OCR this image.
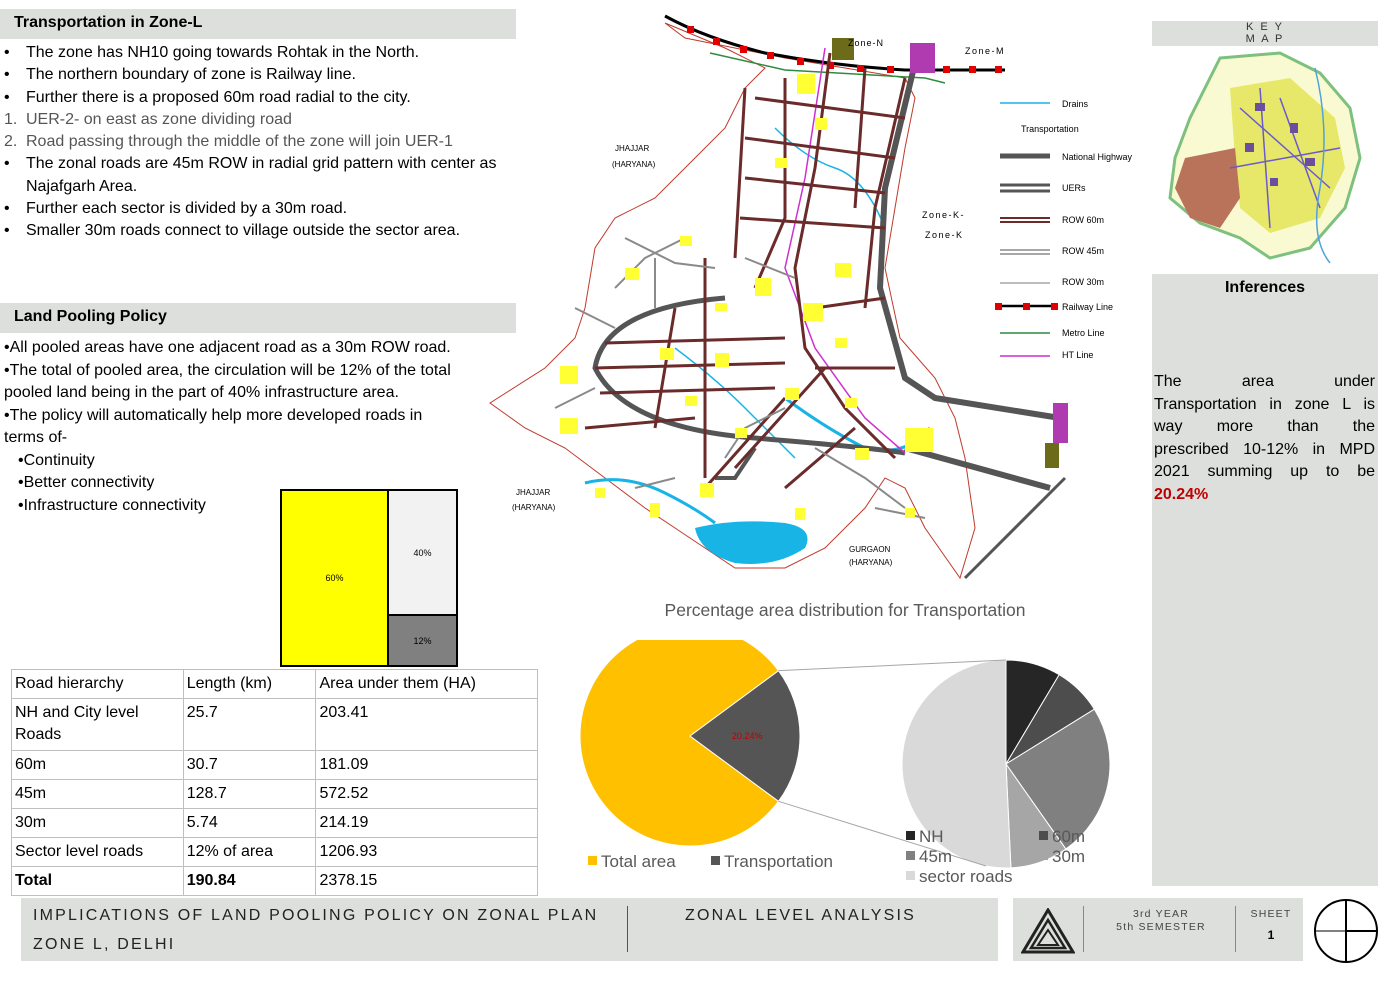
Transportation in Zone-L
• The zone has NH10 going towards Rohtak in the North.
• The northern boundary of zone is Railway line.
• Further there is a proposed 60m road radial to the city.
1. UER-2- on east as zone dividing road
2. Road passing through the middle of the zone will join UER-1
• The zonal roads are 45m ROW in radial grid pattern with center as Najafgarh Area.
• Further each sector is divided by a 30m road.
• Smaller 30m roads connect to village outside the sector area.
Land Pooling Policy
•All pooled areas have one adjacent road as a 30m ROW road.
•The total of pooled area, the circulation will be 12% of the total pooled land being in the part of 40% infrastructure area.
•The policy will automatically help more developed roads in terms of-
•Continuity
•Better connectivity
•Infrastructure connectivity
60%
40%
12%
Road hierarchy	Length (km)	Area under them (HA)
NH and City level Roads	25.7	203.41
60m	30.7	181.09
45m	128.7	572.52
30m	5.74	214.19
Sector level roads	12% of area	1206.93
Total	190.84	2378.15
Zone-N
Zone-M
Zone-K-
Zone-K
JHAJJAR
(HARYANA)
JHAJJAR
(HARYANA)
GURGAON
(HARYANA)
Drains
Transportation
National Highway
UERs
ROW 60m
ROW 45m
ROW 30m
Railway Line
Metro Line
HT Line
K E Y
M A P
Inferences
The area under
Transportation in zone L is
way more than the
prescribed 10-12% in MPD
2021 summing up to be
20.24%
Percentage area distribution for Transportation
20.24%
Total area	Transportation
NH	60m
45m	30m
sector roads
IMPLICATIONS OF LAND POOLING POLICY ON ZONAL PLAN
ZONE L, DELHI
ZONAL LEVEL ANALYSIS	3rd YEAR
5th SEMESTER
SHEET
1
